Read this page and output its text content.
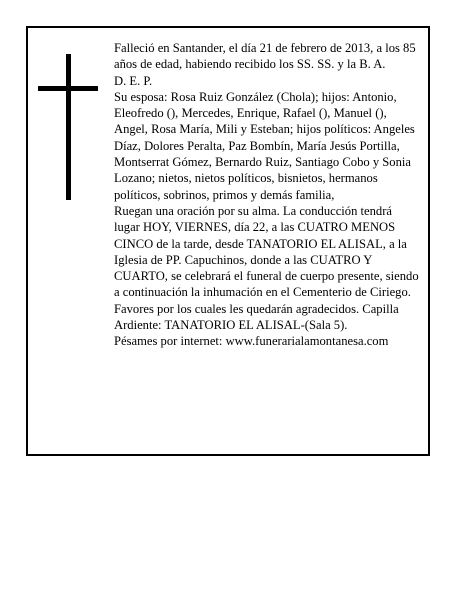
Falleció en Santander, el día 21 de febrero de 2013, a los 85 años de edad, habiendo recibido los SS. SS. y la B. A.

D. E. P.

Su esposa: Rosa Ruiz González (Chola); hijos: Antonio, Eleofredo (), Mercedes, Enrique, Rafael (), Manuel (), Angel, Rosa María, Mili y Esteban; hijos políticos: Angeles Díaz, Dolores Peralta, Paz Bombín, María Jesús Portilla, Montserrat Gómez, Bernardo Ruiz, Santiago Cobo y Sonia Lozano; nietos, nietos políticos, bisnietos, hermanos políticos, sobrinos, primos y demás familia,

Ruegan una oración por su alma. La conducción tendrá lugar HOY, VIERNES, día 22, a las CUATRO MENOS CINCO de la tarde, desde TANATORIO EL ALISAL, a la Iglesia de PP. Capuchinos, donde a las CUATRO Y CUARTO, se celebrará el funeral de cuerpo presente, siendo a continuación la inhumación en el Cementerio de Ciriego. Favores por los cuales les quedarán agradecidos. Capilla Ardiente: TANATORIO EL ALISAL-(Sala 5).

Pésames por internet: www.funerarialamontanesa.com
